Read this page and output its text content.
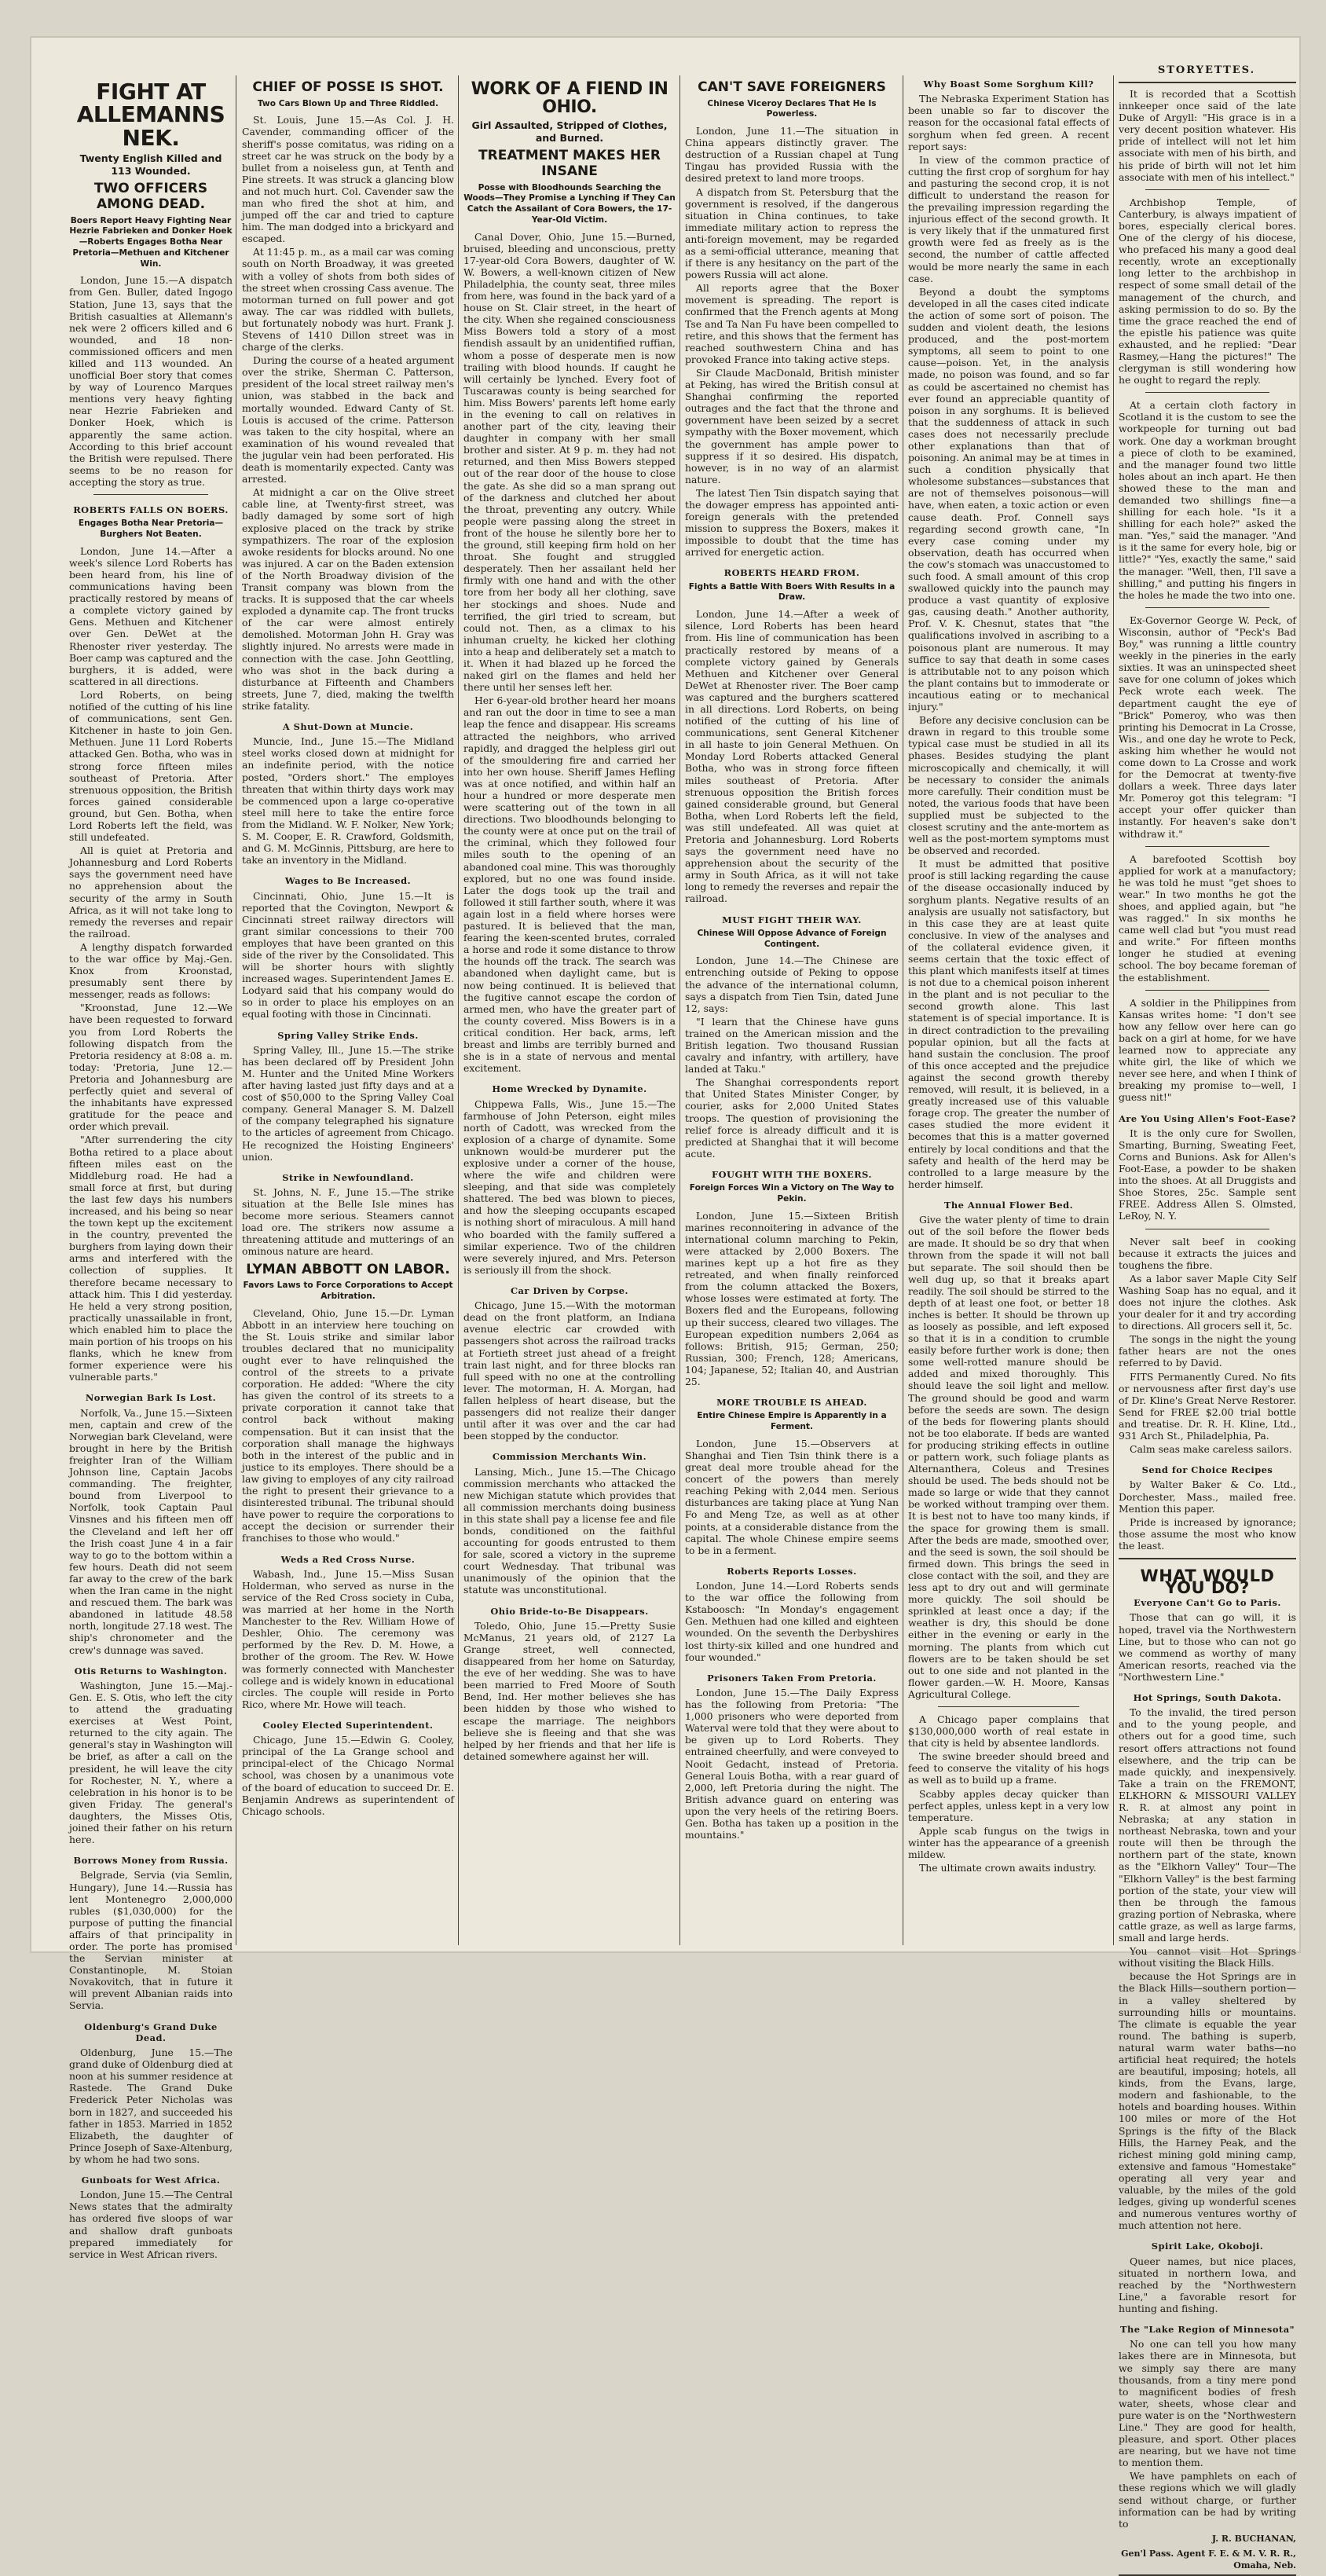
FIGHT AT ALLEMANNS NEK.
Twenty English Killed and 113 Wounded.
TWO OFFICERS AMONG DEAD.
Boers Report Heavy Fighting Near Hezrie Fabrieken and Donker Hoek—Roberts Engages Botha Near Pretoria—Methuen and Kitchener Win.

London, June 15.—A dispatch from Gen. Buller, dated Ingogo Station, June 13, says that the British casualties at Allemann's nek were 2 officers killed and 6 wounded, and 18 non-commissioned officers and men killed and 113 wounded. An unofficial Boer story that comes by way of Lourenco Marques mentions very heavy fighting near Hezrie Fabrieken and Donker Hoek, which is apparently the same action. According to this brief account the British were repulsed. There seems to be no reason for accepting the story as true.

ROBERTS FALLS ON BOERS.
Engages Botha Near Pretoria—Burghers Not Beaten.

London, June 14.—After a week's silence Lord Roberts has been heard from, his line of communications having been practically restored by means of a complete victory gained by Gens. Methuen and Kitchener over Gen. DeWet at the Rhenoster river yesterday. The Boer camp was captured and the burghers, it is added, were scattered in all directions.

Lord Roberts, on being notified of the cutting of his line of communications, sent Gen. Kitchener in haste to join Gen. Methuen. June 11 Lord Roberts attacked Gen. Botha, who was in strong force fifteen miles southeast of Pretoria. After strenuous opposition, the British forces gained considerable ground, but Gen. Botha, when Lord Roberts left the field, was still undefeated.

All is quiet at Pretoria and Johannesburg and Lord Roberts says the government need have no apprehension about the security of the army in South Africa, as it will not take long to remedy the reverses and repair the railroad.

A lengthy dispatch forwarded to the war office by Maj.-Gen. Knox from Kroonstad, presumably sent there by messenger, reads as follows:

"Kroonstad, June 12.—We have been requested to forward you from Lord Roberts the following dispatch from the Pretoria residency at 8:08 a. m. today: 'Pretoria, June 12.—Pretoria and Johannesburg are perfectly quiet and several of the inhabitants have expressed gratitude for the peace and order which prevail.

"After surrendering the city Botha retired to a place about fifteen miles east on the Middleburg road. He had a small force at first, but during the last few days his numbers increased, and his being so near the town kept up the excitement in the country, prevented the burghers from laying down their arms and interfered with the collection of supplies. It therefore became necessary to attack him. This I did yesterday. He held a very strong position, practically unassailable in front, which enabled him to place the main portion of his troops on his flanks, which he knew from former experience were his vulnerable parts."

Norwegian Bark Is Lost.

Norfolk, Va., June 15.—Sixteen men, captain and crew of the Norwegian bark Cleveland, were brought in here by the British freighter Iran of the William Johnson line, Captain Jacobs commanding. The freighter, bound from Liverpool to Norfolk, took Captain Paul Vinsnes and his fifteen men off the Cleveland and left her off the Irish coast June 4 in a fair way to go to the bottom within a few hours. Death did not seem far away to the crew of the bark when the Iran came in the night and rescued them. The bark was abandoned in latitude 48.58 north, longitude 27.18 west. The ship's chronometer and the crew's dunnage was saved.

Otis Returns to Washington.

Washington, June 15.—Maj.-Gen. E. S. Otis, who left the city to attend the graduating exercises at West Point, returned to the city again. The general's stay in Washington will be brief, as after a call on the president, he will leave the city for Rochester, N. Y., where a celebration in his honor is to be given Friday. The general's daughters, the Misses Otis, joined their father on his return here.

Borrows Money from Russia.

Belgrade, Servia (via Semlin, Hungary), June 14.—Russia has lent Montenegro 2,000,000 rubles ($1,030,000) for the purpose of putting the financial affairs of that principality in order. The porte has promised the Servian minister at Constantinople, M. Stoian Novakovitch, that in future it will prevent Albanian raids into Servia.

Oldenburg's Grand Duke Dead.

Oldenburg, June 15.—The grand duke of Oldenburg died at noon at his summer residence at Rastede. The Grand Duke Frederick Peter Nicholas was born in 1827, and succeeded his father in 1853. Married in 1852 Elizabeth, the daughter of Prince Joseph of Saxe-Altenburg, by whom he had two sons.

Gunboats for West Africa.

London, June 15.—The Central News states that the admiralty has ordered five sloops of war and shallow draft gunboats prepared immediately for service in West African rivers.

CHIEF OF POSSE IS SHOT.
Two Cars Blown Up and Three Riddled.

St. Louis, June 15.—As Col. J. H. Cavender, commanding officer of the sheriff's posse comitatus, was riding on a street car he was struck on the body by a bullet from a noiseless gun, at Tenth and Pine streets. It was struck a glancing blow and not much hurt. Col. Cavender saw the man who fired the shot at him, and jumped off the car and tried to capture him. The man dodged into a brickyard and escaped.

At 11:45 p. m., as a mail car was coming south on North Broadway, it was greeted with a volley of shots from both sides of the street when crossing Cass avenue. The motorman turned on full power and got away. The car was riddled with bullets, but fortunately nobody was hurt. Frank J. Stevens of 1410 Dillon street was in charge of the clerks.

During the course of a heated argument over the strike, Sherman C. Patterson, president of the local street railway men's union, was stabbed in the back and mortally wounded. Edward Canty of St. Louis is accused of the crime. Patterson was taken to the city hospital, where an examination of his wound revealed that the jugular vein had been perforated. His death is momentarily expected. Canty was arrested.

At midnight a car on the Olive street cable line, at Twenty-first street, was badly damaged by some sort of high explosive placed on the track by strike sympathizers. The roar of the explosion awoke residents for blocks around. No one was injured. A car on the Baden extension of the North Broadway division of the Transit company was blown from the tracks. It is supposed that the car wheels exploded a dynamite cap. The front trucks of the car were almost entirely demolished. Motorman John H. Gray was slightly injured. No arrests were made in connection with the case. John Geottling, who was shot in the back during a disturbance at Fifteenth and Chambers streets, June 7, died, making the twelfth strike fatality.

A Shut-Down at Muncie.

Muncie, Ind., June 15.—The Midland steel works closed down at midnight for an indefinite period, with the notice posted, "Orders short." The employes threaten that within thirty days work may be commenced upon a large co-operative steel mill here to take the entire force from the Midland. W. F. Nolker, New York; S. M. Cooper, E. R. Crawford, Goldsmith, and G. M. McGinnis, Pittsburg, are here to take an inventory in the Midland.

Wages to Be Increased.

Cincinnati, Ohio, June 15.—It is reported that the Covington, Newport & Cincinnati street railway directors will grant similar concessions to their 700 employes that have been granted on this side of the river by the Consolidated. This will be shorter hours with slightly increased wages. Superintendent James E. Lodyard said that his company would do so in order to place his employes on an equal footing with those in Cincinnati.

Spring Valley Strike Ends.

Spring Valley, Ill., June 15.—The strike has been declared off by President John M. Hunter and the United Mine Workers after having lasted just fifty days and at a cost of $50,000 to the Spring Valley Coal company. General Manager S. M. Dalzell of the company telegraphed his signature to the articles of agreement from Chicago. He recognized the Hoisting Engineers' union.

Strike in Newfoundland.

St. Johns, N. F., June 15.—The strike situation at the Belle Isle mines has become more serious. Steamers cannot load ore. The strikers now assume a threatening attitude and mutterings of an ominous nature are heard.

LYMAN ABBOTT ON LABOR.
Favors Laws to Force Corporations to Accept Arbitration.

Cleveland, Ohio, June 15.—Dr. Lyman Abbott in an interview here touching on the St. Louis strike and similar labor troubles declared that no municipality ought ever to have relinquished the control of the streets to a private corporation. He added: "Where the city has given the control of its streets to a private corporation it cannot take that control back without making compensation. But it can insist that the corporation shall manage the highways both in the interest of the public and in justice to its employes. There should be a law giving to employes of any city railroad the right to present their grievance to a disinterested tribunal. The tribunal should have power to require the corporations to accept the decision or surrender their franchises to those who would."

Weds a Red Cross Nurse.

Wabash, Ind., June 15.—Miss Susan Holderman, who served as nurse in the service of the Red Cross society in Cuba, was married at her home in the North Manchester to the Rev. William Howe of Deshler, Ohio. The ceremony was performed by the Rev. D. M. Howe, a brother of the groom. The Rev. W. Howe was formerly connected with Manchester college and is widely known in educational circles. The couple will reside in Porto Rico, where Mr. Howe will teach.

Cooley Elected Superintendent.

Chicago, June 15.—Edwin G. Cooley, principal of the La Grange school and principal-elect of the Chicago Normal school, was chosen by a unanimous vote of the board of education to succeed Dr. E. Benjamin Andrews as superintendent of Chicago schools.

WORK OF A FIEND IN OHIO.
Girl Assaulted, Stripped of Clothes, and Burned.
TREATMENT MAKES HER INSANE
Posse with Bloodhounds Searching the Woods—They Promise a Lynching if They Can Catch the Assailant of Cora Bowers, the 17-Year-Old Victim.

Canal Dover, Ohio, June 15.—Burned, bruised, bleeding and unconscious, pretty 17-year-old Cora Bowers, daughter of W. W. Bowers, a well-known citizen of New Philadelphia, the county seat, three miles from here, was found in the back yard of a house on St. Clair street, in the heart of the city. When she regained consciousness Miss Bowers told a story of a most fiendish assault by an unidentified ruffian, whom a posse of desperate men is now trailing with blood hounds. If caught he will certainly be lynched. Every foot of Tuscarawas county is being searched for him. Miss Bowers' parents left home early in the evening to call on relatives in another part of the city, leaving their daughter in company with her small brother and sister. At 9 p. m. they had not returned, and then Miss Bowers stepped out of the rear door of the house to close the gate. As she did so a man sprang out of the darkness and clutched her about the throat, preventing any outcry. While people were passing along the street in front of the house he silently bore her to the ground, still keeping firm hold on her throat. She fought and struggled desperately. Then her assailant held her firmly with one hand and with the other tore from her body all her clothing, save her stockings and shoes. Nude and terrified, the girl tried to scream, but could not. Then, as a climax to his inhuman cruelty, he kicked her clothing into a heap and deliberately set a match to it. When it had blazed up he forced the naked girl on the flames and held her there until her senses left her.

Her 6-year-old brother heard her moans and ran out the door in time to see a man leap the fence and disappear. His screams attracted the neighbors, who arrived rapidly, and dragged the helpless girl out of the smouldering fire and carried her into her own house. Sheriff James Hefling was at once notified, and within half an hour a hundred or more desperate men were scattering out of the town in all directions. Two bloodhounds belonging to the county were at once put on the trail of the criminal, which they followed four miles south to the opening of an abandoned coal mine. This was thoroughly explored, but no one was found inside. Later the dogs took up the trail and followed it still farther south, where it was again lost in a field where horses were pastured. It is believed that the man, fearing the keen-scented brutes, corraled a horse and rode it some distance to throw the hounds off the track. The search was abandoned when daylight came, but is now being continued. It is believed that the fugitive cannot escape the cordon of armed men, who have the greater part of the county covered. Miss Bowers is in a critical condition. Her back, arms, left breast and limbs are terribly burned and she is in a state of nervous and mental excitement.

Home Wrecked by Dynamite.

Chippewa Falls, Wis., June 15.—The farmhouse of John Peterson, eight miles north of Cadott, was wrecked from the explosion of a charge of dynamite. Some unknown would-be murderer put the explosive under a corner of the house, where the wife and children were sleeping, and that side was completely shattered. The bed was blown to pieces, and how the sleeping occupants escaped is nothing short of miraculous. A mill hand who boarded with the family suffered a similar experience. Two of the children were severely injured, and Mrs. Peterson is seriously ill from the shock.

Car Driven by Corpse.

Chicago, June 15.—With the motorman dead on the front platform, an Indiana avenue electric car crowded with passengers shot across the railroad tracks at Fortieth street just ahead of a freight train last night, and for three blocks ran full speed with no one at the controlling lever. The motorman, H. A. Morgan, had fallen helpless of heart disease, but the passengers did not realize their danger until after it was over and the car had been stopped by the conductor.

Commission Merchants Win.

Lansing, Mich., June 15.—The Chicago commission merchants who attacked the new Michigan statute which provides that all commission merchants doing business in this state shall pay a license fee and file bonds, conditioned on the faithful accounting for goods entrusted to them for sale, scored a victory in the supreme court Wednesday. That tribunal was unanimously of the opinion that the statute was unconstitutional.

Ohio Bride-to-Be Disappears.

Toledo, Ohio, June 15.—Pretty Susie McManus, 21 years old, of 2127 La Grange street, well connected, disappeared from her home on Saturday, the eve of her wedding. She was to have been married to Fred Moore of South Bend, Ind. Her mother believes she has been hidden by those who wished to escape the marriage. The neighbors believe she is fleeing and that she was helped by her friends and that her life is detained somewhere against her will.

CAN'T SAVE FOREIGNERS
Chinese Viceroy Declares That He Is Powerless.

London, June 11.—The situation in China appears distinctly graver. The destruction of a Russian chapel at Tung Tingau has provided Russia with the desired pretext to land more troops.

A dispatch from St. Petersburg that the government is resolved, if the dangerous situation in China continues, to take immediate military action to repress the anti-foreign movement, may be regarded as a semi-official utterance, meaning that if there is any hesitancy on the part of the powers Russia will act alone.

All reports agree that the Boxer movement is spreading. The report is confirmed that the French agents at Mong Tse and Ta Nan Fu have been compelled to retire, and this shows that the ferment has reached southwestern China and has provoked France into taking active steps.

Sir Claude MacDonald, British minister at Peking, has wired the British consul at Shanghai confirming the reported outrages and the fact that the throne and government have been seized by a secret sympathy with the Boxer movement, which the government has ample power to suppress if it so desired. His dispatch, however, is in no way of an alarmist nature.

The latest Tien Tsin dispatch saying that the dowager empress has appointed anti-foreign generals with the pretended mission to suppress the Boxers, makes it impossible to doubt that the time has arrived for energetic action.

ROBERTS HEARD FROM.
Fights a Battle With Boers With Results in a Draw.

London, June 14.—After a week of silence, Lord Roberts has been heard from. His line of communication has been practically restored by means of a complete victory gained by Generals Methuen and Kitchener over General DeWet at Rhenoster river. The Boer camp was captured and the burghers scattered in all directions. Lord Roberts, on being notified of the cutting of his line of communications, sent General Kitchener in all haste to join General Methuen. On Monday Lord Roberts attacked General Botha, who was in strong force fifteen miles southeast of Pretoria. After strenuous opposition the British forces gained considerable ground, but General Botha, when Lord Roberts left the field, was still undefeated. All was quiet at Pretoria and Johannesburg. Lord Roberts says the government need have no apprehension about the security of the army in South Africa, as it will not take long to remedy the reverses and repair the railroad.

MUST FIGHT THEIR WAY.
Chinese Will Oppose Advance of Foreign Contingent.

London, June 14.—The Chinese are entrenching outside of Peking to oppose the advance of the international column, says a dispatch from Tien Tsin, dated June 12, says:

"I learn that the Chinese have guns trained on the American mission and the British legation. Two thousand Russian cavalry and infantry, with artillery, have landed at Taku."

The Shanghai correspondents report that United States Minister Conger, by courier, asks for 2,000 United States troops. The question of provisioning the relief force is already difficult and it is predicted at Shanghai that it will become acute.

FOUGHT WITH THE BOXERS.
Foreign Forces Win a Victory on The Way to Pekin.

London, June 15.—Sixteen British marines reconnoitering in advance of the international column marching to Pekin, were attacked by 2,000 Boxers. The marines kept up a hot fire as they retreated, and when finally reinforced from the column attacked the Boxers, whose losses were estimated at forty. The Boxers fled and the Europeans, following up their success, cleared two villages. The European expedition numbers 2,064 as follows: British, 915; German, 250; Russian, 300; French, 128; Americans, 104; Japanese, 52; Italian 40, and Austrian 25.

MORE TROUBLE IS AHEAD.
Entire Chinese Empire is Apparently in a Ferment.

London, June 15.—Observers at Shanghai and Tien Tsin think there is a great deal more trouble ahead for the concert of the powers than merely reaching Peking with 2,044 men. Serious disturbances are taking place at Yung Nan Fo and Meng Tze, as well as at other points, at a considerable distance from the capital. The whole Chinese empire seems to be in a ferment.

Roberts Reports Losses.

London, June 14.—Lord Roberts sends to the war office the following from Kstaboosch: "In Monday's engagement Gen. Methuen had one killed and eighteen wounded. On the seventh the Derbyshires lost thirty-six killed and one hundred and four wounded."

Prisoners Taken From Pretoria.

London, June 15.—The Daily Express has the following from Pretoria: "The 1,000 prisoners who were deported from Waterval were told that they were about to be given up to Lord Roberts. They entrained cheerfully, and were conveyed to Nooit Gedacht, instead of Pretoria. General Louis Botha, with a rear guard of 2,000, left Pretoria during the night. The British advance guard on entering was upon the very heels of the retiring Boers. Gen. Botha has taken up a position in the mountains."

Why Boast Some Sorghum Kill?

The Nebraska Experiment Station has been unable so far to discover the reason for the occasional fatal effects of sorghum when fed green. A recent report says:

In view of the common practice of cutting the first crop of sorghum for hay and pasturing the second crop, it is not difficult to understand the reason for the prevailing impression regarding the injurious effect of the second growth. It is very likely that if the unmatured first growth were fed as freely as is the second, the number of cattle affected would be more nearly the same in each case.

Beyond a doubt the symptoms developed in all the cases cited indicate the action of some sort of poison. The sudden and violent death, the lesions produced, and the post-mortem symptoms, all seem to point to one cause—poison. Yet, in the analysis made, no poison was found, and so far as could be ascertained no chemist has ever found an appreciable quantity of poison in any sorghums. It is believed that the suddenness of attack in such cases does not necessarily preclude other explanations than that of poisoning. An animal may be at times in such a condition physically that wholesome substances—substances that are not of themselves poisonous—will have, when eaten, a toxic action or even cause death. Prof. Connell says regarding second growth cane, "In every case coming under my observation, death has occurred when the cow's stomach was unaccustomed to such food. A small amount of this crop swallowed quickly into the paunch may produce a vast quantity of explosive gas, causing death." Another authority, Prof. V. K. Chesnut, states that "the qualifications involved in ascribing to a poisonous plant are numerous. It may suffice to say that death in some cases is attributable not to any poison which the plant contains but to immoderate or incautious eating or to mechanical injury."

Before any decisive conclusion can be drawn in regard to this trouble some typical case must be studied in all its phases. Besides studying the plant microscopically and chemically, it will be necessary to consider the animals more carefully. Their condition must be noted, the various foods that have been supplied must be subjected to the closest scrutiny and the ante-mortem as well as the post-mortem symptoms must be observed and recorded.

It must be admitted that positive proof is still lacking regarding the cause of the disease occasionally induced by sorghum plants. Negative results of an analysis are usually not satisfactory, but in this case they are at least quite conclusive. In view of the analyses and of the collateral evidence given, it seems certain that the toxic effect of this plant which manifests itself at times is not due to a chemical poison inherent in the plant and is not peculiar to the second growth alone. This last statement is of special importance. It is in direct contradiction to the prevailing popular opinion, but all the facts at hand sustain the conclusion. The proof of this once accepted and the prejudice against the second growth thereby removed, will result, it is believed, in a greatly increased use of this valuable forage crop. The greater the number of cases studied the more evident it becomes that this is a matter governed entirely by local conditions and that the safety and health of the herd may be controlled to a large measure by the herder himself.

The Annual Flower Bed.

Give the water plenty of time to drain out of the soil before the flower beds are made. It should be so dry that when thrown from the spade it will not ball but separate. The soil should then be well dug up, so that it breaks apart readily. The soil should be stirred to the depth of at least one foot, or better 18 inches is better. It should be thrown up as loosely as possible, and left exposed so that it is in a condition to crumble easily before further work is done; then some well-rotted manure should be added and mixed thoroughly. This should leave the soil light and mellow. The ground should be good and warm before the seeds are sown. The design of the beds for flowering plants should not be too elaborate. If beds are wanted for producing striking effects in outline or pattern work, such foliage plants as Alternanthera, Coleus and Tresines should be used. The beds should not be made so large or wide that they cannot be worked without tramping over them. It is best not to have too many kinds, if the space for growing them is small. After the beds are made, smoothed over, and the seed is sown, the soil should be firmed down. This brings the seed in close contact with the soil, and they are less apt to dry out and will germinate more quickly. The soil should be sprinkled at least once a day; if the weather is dry, this should be done either in the evening or early in the morning. The plants from which cut flowers are to be taken should be set out to one side and not planted in the flower garden.—W. H. Moore, Kansas Agricultural College.

A Chicago paper complains that $130,000,000 worth of real estate in that city is held by absentee landlords.

The swine breeder should breed and feed to conserve the vitality of his hogs as well as to build up a frame.

Scabby apples decay quicker than perfect apples, unless kept in a very low temperature.

Apple scab fungus on the twigs in winter has the appearance of a greenish mildew.

The ultimate crown awaits industry.

STORYETTES.

It is recorded that a Scottish innkeeper once said of the late Duke of Argyll: "His grace is in a very decent position whatever. His pride of intellect will not let him associate with men of his birth, and his pride of birth will not let him associate with men of his intellect."

Archbishop Temple, of Canterbury, is always impatient of bores, especially clerical bores. One of the clergy of his diocese, who prefaced his many a good deal recently, wrote an exceptionally long letter to the archbishop in respect of some small detail of the management of the church, and asking permission to do so. By the time the grace reached the end of the epistle his patience was quite exhausted, and he replied: "Dear Rasmey,—Hang the pictures!" The clergyman is still wondering how he ought to regard the reply.

At a certain cloth factory in Scotland it is the custom to see the workpeople for turning out bad work. One day a workman brought a piece of cloth to be examined, and the manager found two little holes about an inch apart. He then showed these to the man and demanded two shillings fine—a shilling for each hole. "Is it a shilling for each hole?" asked the man. "Yes," said the manager. "And is it the same for every hole, big or little?" "Yes, exactly the same," said the manager. "Well, then, I'll save a shilling," and putting his fingers in the holes he made the two into one.

Ex-Governor George W. Peck, of Wisconsin, author of "Peck's Bad Boy," was running a little country weekly in the pineries in the early sixties. It was an uninspected sheet save for one column of jokes which Peck wrote each week. The department caught the eye of "Brick" Pomeroy, who was then printing his Democrat in La Crosse, Wis., and one day he wrote to Peck, asking him whether he would not come down to La Crosse and work for the Democrat at twenty-five dollars a week. Three days later Mr. Pomeroy got this telegram: "I accept your offer quicker than instantly. For heaven's sake don't withdraw it."

A barefooted Scottish boy applied for work at a manufactory; he was told he must "get shoes to wear." In two months he got the shoes, and applied again, but "he was ragged." In six months he came well clad but "you must read and write." For fifteen months longer he studied at evening school. The boy became foreman of the establishment.

A soldier in the Philippines from Kansas writes home: "I don't see how any fellow over here can go back on a girl at home, for we have learned now to appreciate any white girl, the like of which we never see here, and when I think of breaking my promise to—well, I guess nit!"

Are You Using Allen's Foot-Ease?

It is the only cure for Swollen, Smarting, Burning, Sweating Feet, Corns and Bunions. Ask for Allen's Foot-Ease, a powder to be shaken into the shoes. At all Druggists and Shoe Stores, 25c. Sample sent FREE. Address Allen S. Olmsted, LeRoy, N. Y.

Never salt beef in cooking because it extracts the juices and toughens the fibre.

As a labor saver Maple City Self Washing Soap has no equal, and it does not injure the clothes. Ask your dealer for it and try according to directions. All grocers sell it, 5c.

The songs in the night the young father hears are not the ones referred to by David.

FITS Permanently Cured. No fits or nervousness after first day's use of Dr. Kline's Great Nerve Restorer. Send for FREE $2.00 trial bottle and treatise. Dr. R. H. Kline, Ltd., 931 Arch St., Philadelphia, Pa.

Calm seas make careless sailors.

Send for Choice Recipes

by Walter Baker & Co. Ltd., Dorchester, Mass., mailed free. Mention this paper.

Pride is increased by ignorance; those assume the most who know the least.

WHAT WOULD YOU DO?
Everyone Can't Go to Paris.

Those that can go will, it is hoped, travel via the Northwestern Line, but to those who can not go we commend as worthy of many American resorts, reached via the "Northwestern Line."

Hot Springs, South Dakota.

To the invalid, the tired person and to the young people, and others out for a good time, such resort offers attractions not found elsewhere, and the trip can be made quickly, and inexpensively. Take a train on the FREMONT, ELKHORN & MISSOURI VALLEY R. R. at almost any point in Nebraska; at any station in northeast Nebraska, town and your route will then be through the northern part of the state, known as the "Elkhorn Valley" Tour—The "Elkhorn Valley" is the best farming portion of the state, your view will then be through the famous grazing portion of Nebraska, where cattle graze, as well as large farms, small and large herds.

You cannot visit Hot Springs without visiting the Black Hills.

because the Hot Springs are in the Black Hills—southern portion—in a valley sheltered by surrounding hills or mountains. The climate is equable the year round. The bathing is superb, natural warm water baths—no artificial heat required; the hotels are beautiful, imposing; hotels, all kinds, from the Evans, large, modern and fashionable, to the hotels and boarding houses. Within 100 miles or more of the Hot Springs is the fifty of the Black Hills, the Harney Peak, and the richest mining gold mining camp, extensive and famous "Homestake" operating all very year and valuable, by the miles of the gold ledges, giving up wonderful scenes and numerous ventures worthy of much attention not here.

Spirit Lake, Okoboji.

Queer names, but nice places, situated in northern Iowa, and reached by the "Northwestern Line," a favorable resort for hunting and fishing.

The "Lake Region of Minnesota"

No one can tell you how many lakes there are in Minnesota, but we simply say there are many thousands, from a tiny mere pond to magnificent bodies of fresh water, sheets, whose clear and pure water is on the "Northwestern Line." They are good for health, pleasure, and sport. Other places are nearing, but we have not time to mention them.

We have pamphlets on each of these regions which we will gladly send without charge, or further information can be had by writing to

J. R. BUCHANAN,
Gen'l Pass. Agent F. E. & M. V. R. R., Omaha, Neb.
